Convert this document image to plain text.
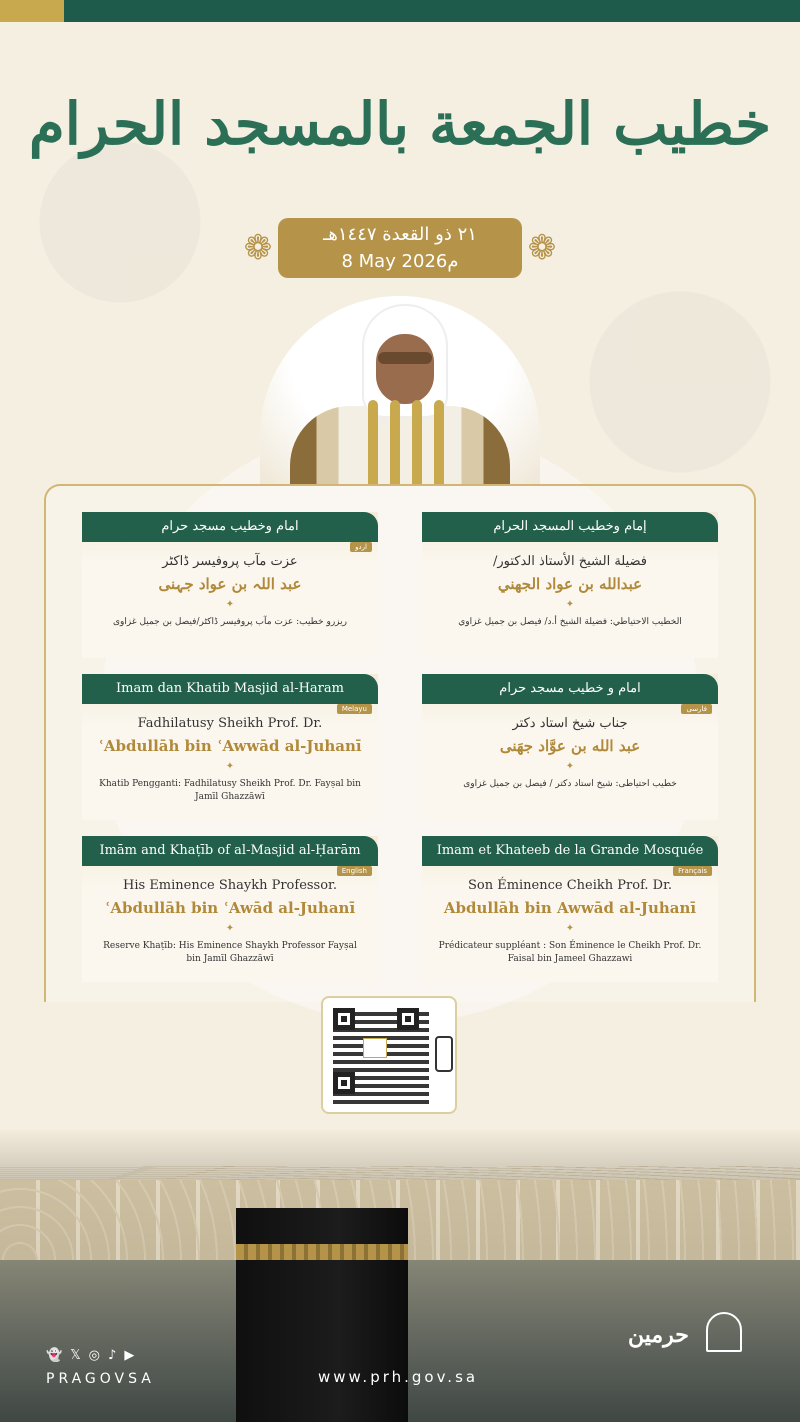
خطيب الجمعة بالمسجد الحرام
❁	٢١ ذو القعدة ١٤٤٧هـ
8 May 2026م	❁
إمام وخطيب المسجد الحرام
فضيلة الشيخ الأستاذ الدكتور/
عبدالله بن عواد الجهني
✦
الخطيب الاحتياطي: فضيلة الشيخ أ.د/ فيصل بن جميل غزاوي
امام وخطیب مسجد حرام
اردو
عزت مآب پروفیسر ڈاکٹر
عبد اللہ بن عواد جہنی
✦
ریزرو خطیب: عزت مآب پروفیسر ڈاکٹر/فیصل بن جمیل غزاوی
امام و خطیب مسجد حرام
فارسی
جناب شیخ استاد دکتر
عبد الله بن عوَّاد جهَنی
✦
خطیب احتیاطی: شیخ استاد دکتر / فیصل بن جمیل غزاوی
Imam dan Khatib Masjid al-Haram
Melayu
Fadhilatusy Sheikh Prof. Dr.
ʿAbdullāh bin ʿAwwād al-Juhanī
✦
Khatib Pengganti: Fadhilatusy Sheikh Prof. Dr. Fayṣal bin Jamīl Ghazzāwī
Imam et Khateeb de la Grande Mosquée
Français
Son Éminence Cheikh Prof. Dr.
Abdullāh bin Awwād al-Juhanī
✦
Prédicateur suppléant : Son Éminence le Cheikh Prof. Dr. Faisal bin Jameel Ghazzawi
Imām and Khaṭīb of al-Masjid al-Ḥarām
English
His Eminence Shaykh Professor.
ʿAbdullāh bin ʿAwād al-Juhanī
✦
Reserve Khaṭīb: His Eminence Shaykh Professor Fayṣal bin Jamīl Ghazzāwī
👻 𝕏 ◎ ♪ ▶
PRAGOVSA	www.prh.gov.sa
حرمين
